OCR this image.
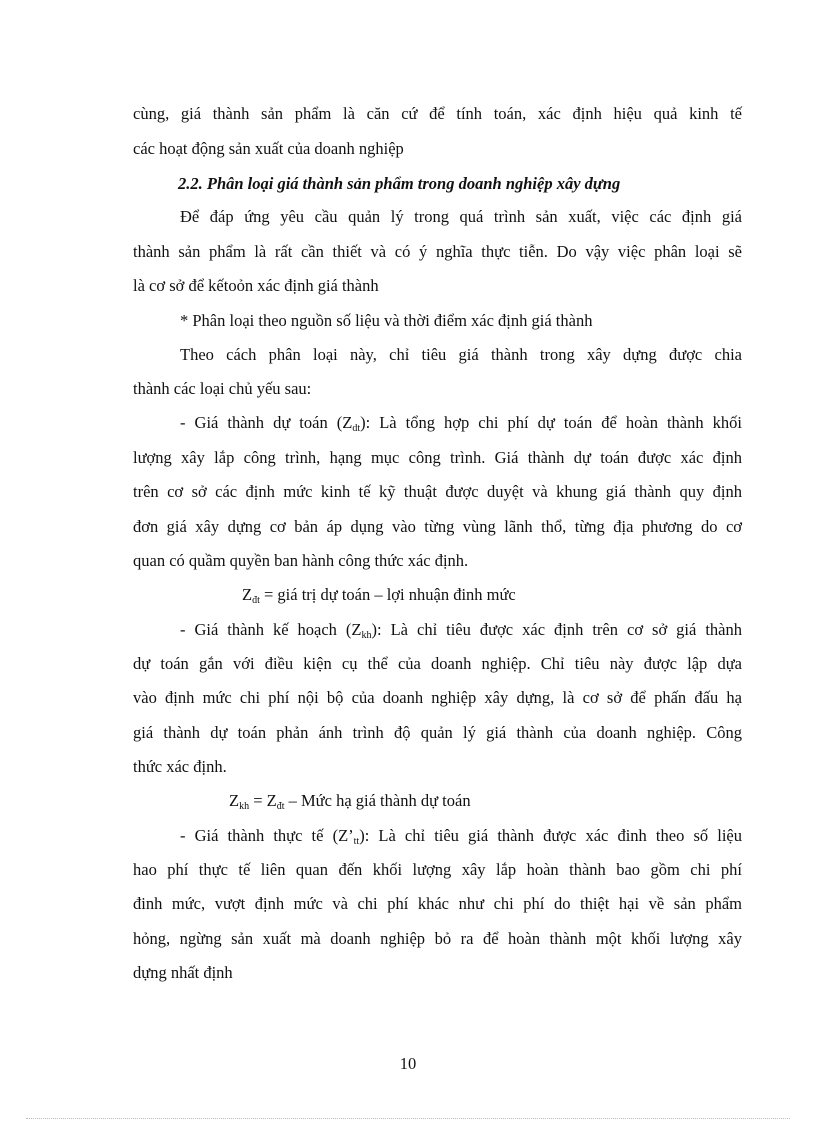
cùng, giá thành sản phẩm là căn cứ để tính toán, xác định hiệu quả kinh tế
các hoạt động sản xuất của doanh nghiệp
2.2. Phân loại giá thành sản phẩm trong doanh nghiệp xây dựng
Để đáp ứng yêu cầu quản lý trong quá trình sản xuất, việc các định giá
thành sản phẩm là rất cần thiết và có ý nghĩa thực tiễn. Do vậy việc phân loại sẽ
là cơ sở để kếtoỏn xác định giá thành
* Phân loại theo nguồn số liệu và thời điểm xác định giá thành
Theo cách phân loại này, chỉ tiêu giá thành trong xây dựng được chia
thành các loại chủ yếu sau:
- Giá thành dự toán $(Z_{dt})$: Là tổng hợp chi phí dự toán để hoàn thành khối
lượng xây lắp công trình, hạng mục công trình. Giá thành dự toán được xác định
trên cơ sở các định mức kinh tế kỹ thuật được duyệt và khung giá thành quy định
đơn giá xây dựng cơ bản áp dụng vào từng vùng lãnh thổ, từng địa phương do cơ
quan có quầm quyền ban hành công thức xác định.
$Z_{đt}$ = giá trị dự toán – lợi nhuận đinh mức
- Giá thành kế hoạch $(Z_{kh})$: Là chỉ tiêu được xác định trên cơ sở giá thành
dự toán gắn với điều kiện cụ thể của doanh nghiệp. Chỉ tiêu này được lập dựa
vào định mức chi phí nội bộ của doanh nghiệp xây dựng, là cơ sở để phấn đấu hạ
giá thành dự toán phản ánh trình độ quản lý giá thành của doanh nghiệp. Công
thức xác định.
$Z_{kh} = Z_{đt}$ – Mức hạ giá thành dự toán
- Giá thành thực tế $(Z’_{tt})$: Là chỉ tiêu giá thành được xác đinh theo số liệu
hao phí thực tế liên quan đến khối lượng xây lắp hoàn thành bao gồm chi phí
đinh mức, vượt định mức và chi phí khác như chi phí do thiệt hại về sản phẩm
hỏng, ngừng sản xuất mà doanh nghiệp bỏ ra để hoàn thành một khối lượng xây
dựng nhất định
10
